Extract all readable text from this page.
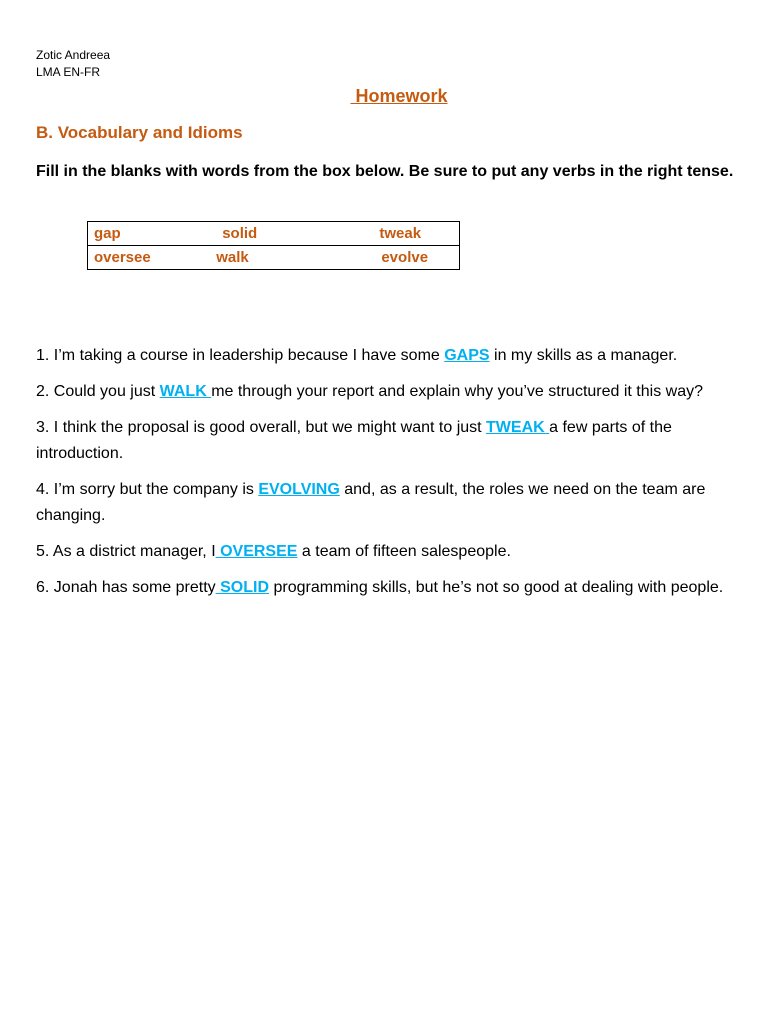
Zotic Andreea
LMA EN-FR
Homework
B. Vocabulary and Idioms
Fill in the blanks with words from the box below. Be sure to put any verbs in the right tense.
gap	solid	tweak
oversee	walk	evolve
1. I’m taking a course in leadership because I have some GAPS in my skills as a manager.
2. Could you just WALK me through your report and explain why you’ve structured it this way?
3. I think the proposal is good overall, but we might want to just TWEAK a few parts of the introduction.
4. I’m sorry but the company is EVOLVING and, as a result, the roles we need on the team are changing.
5. As a district manager, I OVERSEE a team of fifteen salespeople.
6. Jonah has some pretty SOLID programming skills, but he’s not so good at dealing with people.
